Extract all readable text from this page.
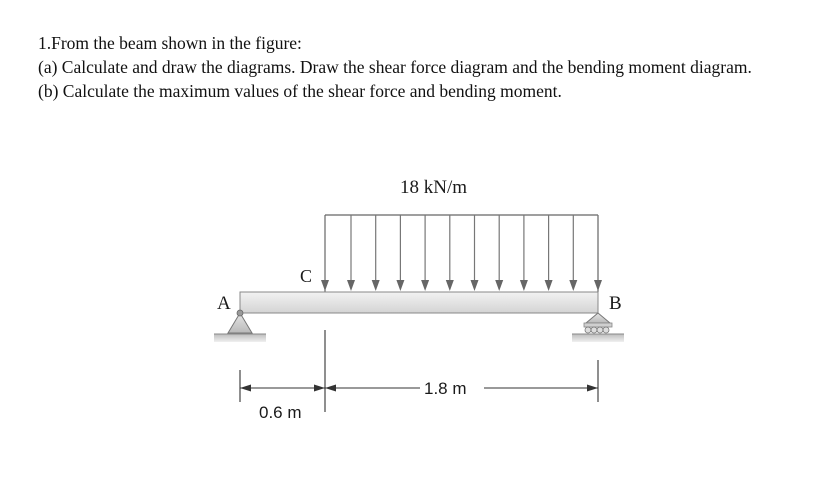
1.From the beam shown in the figure:

(a) Calculate and draw the diagrams. Draw the shear force diagram and the bending moment diagram.

(b) Calculate the maximum values of the shear force and bending moment.

18 kN/m
C
A	B
0.6 m
1.8 m
